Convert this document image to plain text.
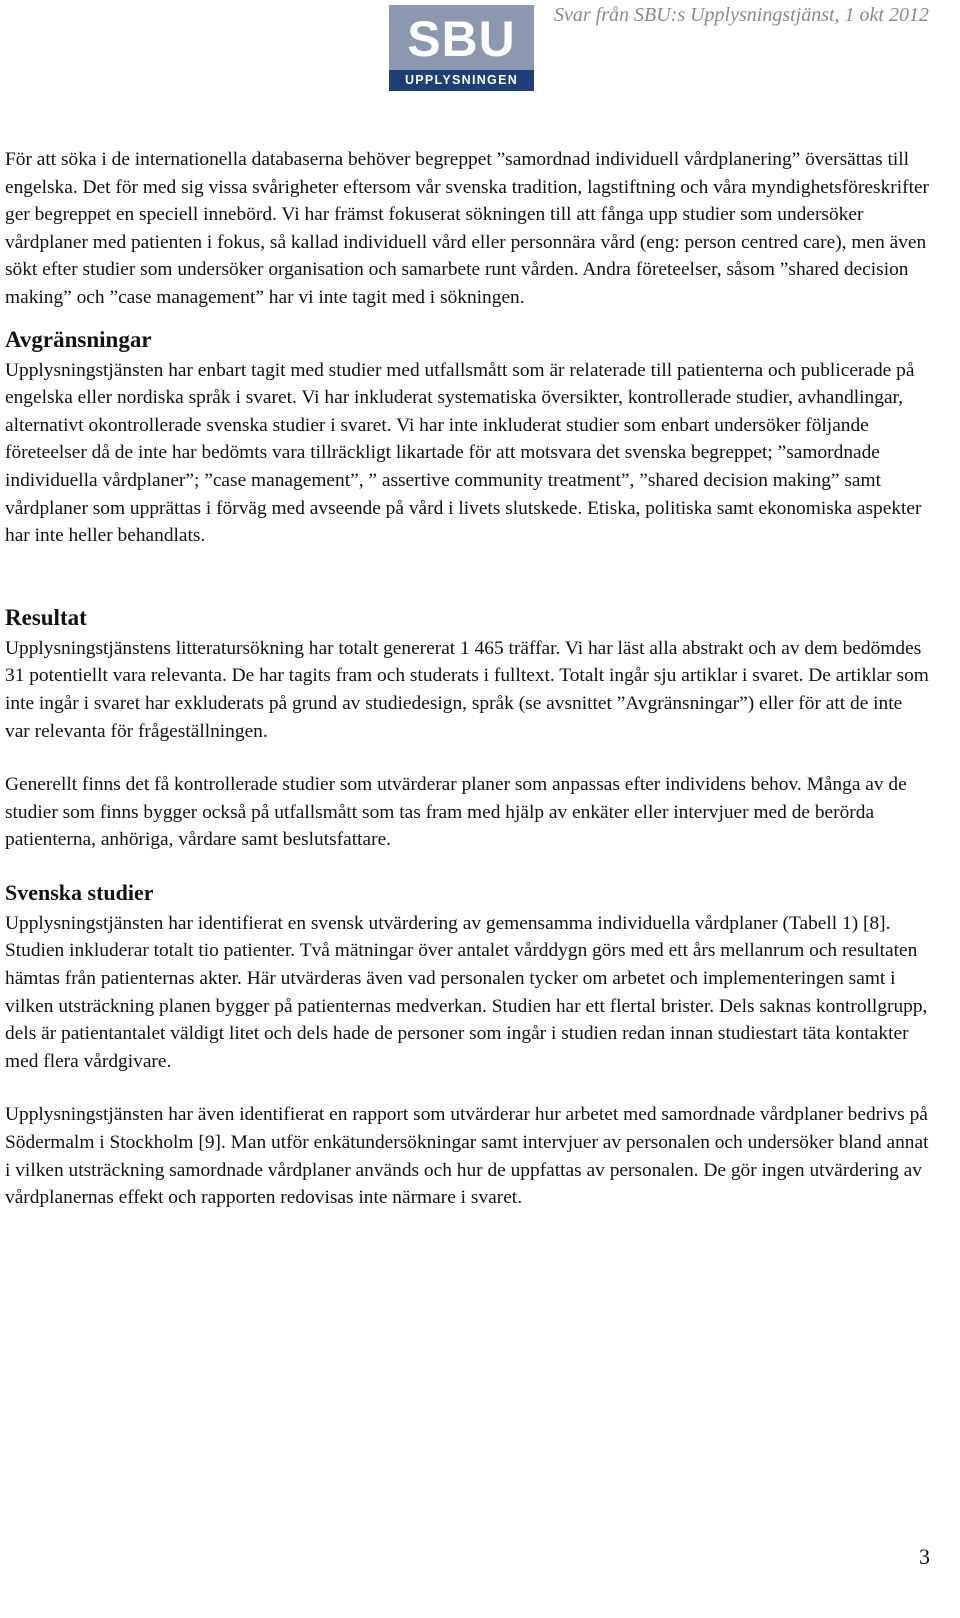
SBU
UPPLYSNINGEN
Svar från SBU:s Upplysningstjänst, 1 okt 2012

För att söka i de internationella databaserna behöver begreppet ”samordnad individuell vårdplanering” översättas till engelska. Det för med sig vissa svårigheter eftersom vår svenska tradition, lagstiftning och våra myndighetsföreskrifter ger begreppet en speciell innebörd. Vi har främst fokuserat sökningen till att fånga upp studier som undersöker vårdplaner med patienten i fokus, så kallad individuell vård eller personnära vård (eng: person centred care), men även sökt efter studier som undersöker organisation och samarbete runt vården. Andra företeelser, såsom ”shared decision making” och ”case management” har vi inte tagit med i sökningen.

Avgränsningar

Upplysningstjänsten har enbart tagit med studier med utfallsmått som är relaterade till patienterna och publicerade på engelska eller nordiska språk i svaret. Vi har inkluderat systematiska översikter, kontrollerade studier, avhandlingar, alternativt okontrollerade svenska studier i svaret. Vi har inte inkluderat studier som enbart undersöker följande företeelser då de inte har bedömts vara tillräckligt likartade för att motsvara det svenska begreppet; ”samordnade individuella vårdplaner”; ”case management”, ” assertive community treatment”, ”shared decision making” samt vårdplaner som upprättas i förväg med avseende på vård i livets slutskede. Etiska, politiska samt ekonomiska aspekter har inte heller behandlats.

Resultat

Upplysningstjänstens litteratursökning har totalt genererat 1 465 träffar. Vi har läst alla abstrakt och av dem bedömdes 31 potentiellt vara relevanta. De har tagits fram och studerats i fulltext. Totalt ingår sju artiklar i svaret. De artiklar som inte ingår i svaret har exkluderats på grund av studiedesign, språk (se avsnittet ”Avgränsningar”) eller för att de inte var relevanta för frågeställningen.

Generellt finns det få kontrollerade studier som utvärderar planer som anpassas efter individens behov. Många av de studier som finns bygger också på utfallsmått som tas fram med hjälp av enkäter eller intervjuer med de berörda patienterna, anhöriga, vårdare samt beslutsfattare.

Svenska studier

Upplysningstjänsten har identifierat en svensk utvärdering av gemensamma individuella vårdplaner (Tabell 1) [8]. Studien inkluderar totalt tio patienter. Två mätningar över antalet vårddygn görs med ett års mellanrum och resultaten hämtas från patienternas akter. Här utvärderas även vad personalen tycker om arbetet och implementeringen samt i vilken utsträckning planen bygger på patienternas medverkan. Studien har ett flertal brister. Dels saknas kontrollgrupp, dels är patientantalet väldigt litet och dels hade de personer som ingår i studien redan innan studiestart täta kontakter med flera vårdgivare.

Upplysningstjänsten har även identifierat en rapport som utvärderar hur arbetet med samordnade vårdplaner bedrivs på Södermalm i Stockholm [9]. Man utför enkätundersökningar samt intervjuer av personalen och undersöker bland annat i vilken utsträckning samordnade vårdplaner används och hur de uppfattas av personalen. De gör ingen utvärdering av vårdplanernas effekt och rapporten redovisas inte närmare i svaret.

3
